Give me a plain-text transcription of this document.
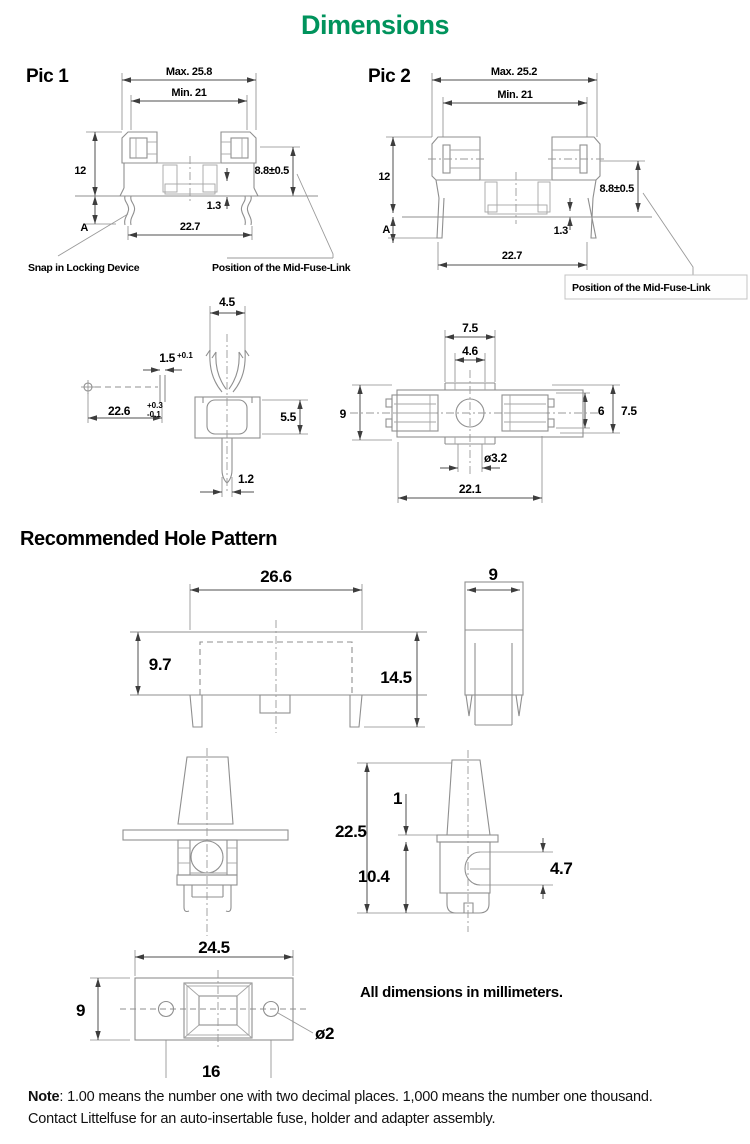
Dimensions
Pic 1	Max. 25.8
Min. 21
12
A
8.8±0.5
1.3
22.7
Snap in Locking Device	Position of the Mid-Fuse-Link
Pic 2	Max. 25.2
Min. 21
12
A
8.8±0.5
1.3
22.7
Position of the Mid-Fuse-Link
4.5
5.5
1.2
1.5 +0.1
22.6 +0.3
-0.1
7.5
4.6
9	6 7.5
ø3.2
22.1
Recommended Hole Pattern
26.6
9.7
14.5
9
22.5
1
10.4	4.7
24.5
9
16
ø2
All dimensions in millimeters.
Note: 1.00 means the number one with two decimal places. 1,000 means the number one thousand.
Contact Littelfuse for an auto-insertable fuse, holder and adapter assembly.
